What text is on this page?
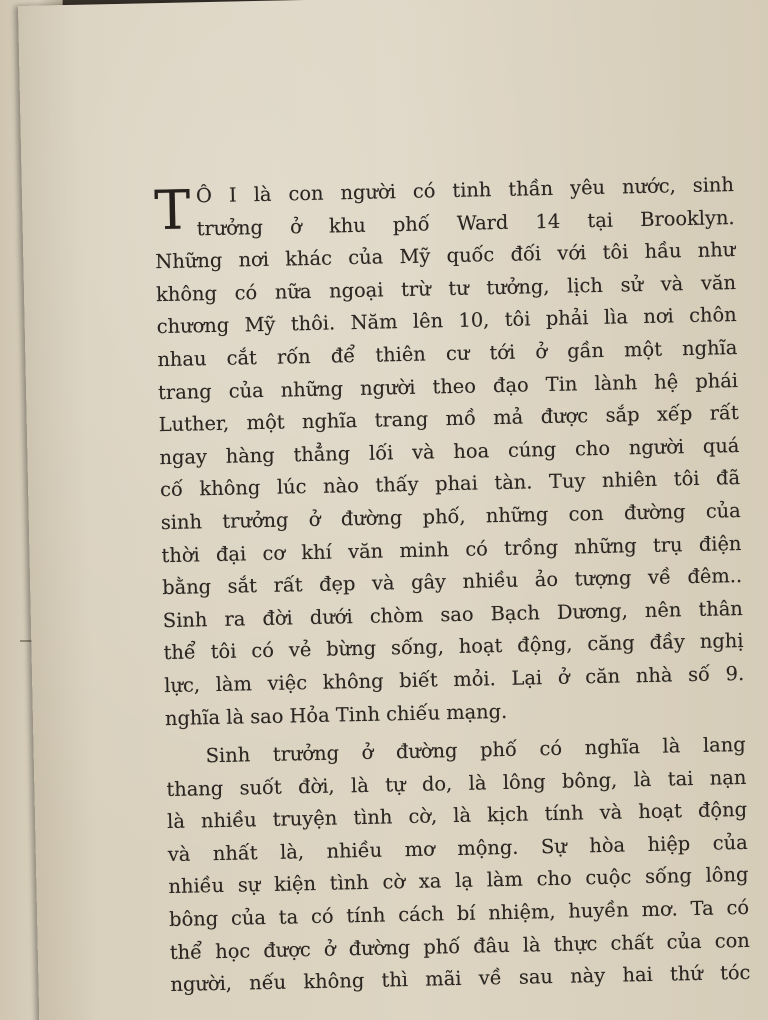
T Ô I là con người có tinh thần yêu nước, sinh
trưởng ở khu phố Ward 14 tại Brooklyn.
Những nơi khác của Mỹ quốc đối với tôi hầu như
không có nữa ngoại trừ tư tưởng, lịch sử và văn
chương Mỹ thôi. Năm lên 10, tôi phải lìa nơi chôn
nhau cắt rốn để thiên cư tới ở gần một nghĩa
trang của những người theo đạo Tin lành hệ phái
Luther, một nghĩa trang mồ mả được sắp xếp rất
ngay hàng thẳng lối và hoa cúng cho người quá
cố không lúc nào thấy phai tàn. Tuy nhiên tôi đã
sinh trưởng ở đường phố, những con đường của
thời đại cơ khí văn minh có trồng những trụ điện
bằng sắt rất đẹp và gây nhiều ảo tượng về đêm..
Sinh ra đời dưới chòm sao Bạch Dương, nên thân
thể tôi có vẻ bừng sống, hoạt động, căng đầy nghị
lực, làm việc không biết mỏi. Lại ở căn nhà số 9.
nghĩa là sao Hỏa Tinh chiếu mạng.
Sinh trưởng ở đường phố có nghĩa là lang
thang suốt đời, là tự do, là lông bông, là tai nạn
là nhiều truyện tình cờ, là kịch tính và hoạt động
và nhất là, nhiều mơ mộng. Sự hòa hiệp của
nhiều sự kiện tình cờ xa lạ làm cho cuộc sống lông
bông của ta có tính cách bí nhiệm, huyền mơ. Ta có
thể học được ở đường phố đâu là thực chất của con
người, nếu không thì mãi về sau này hai thứ tóc
